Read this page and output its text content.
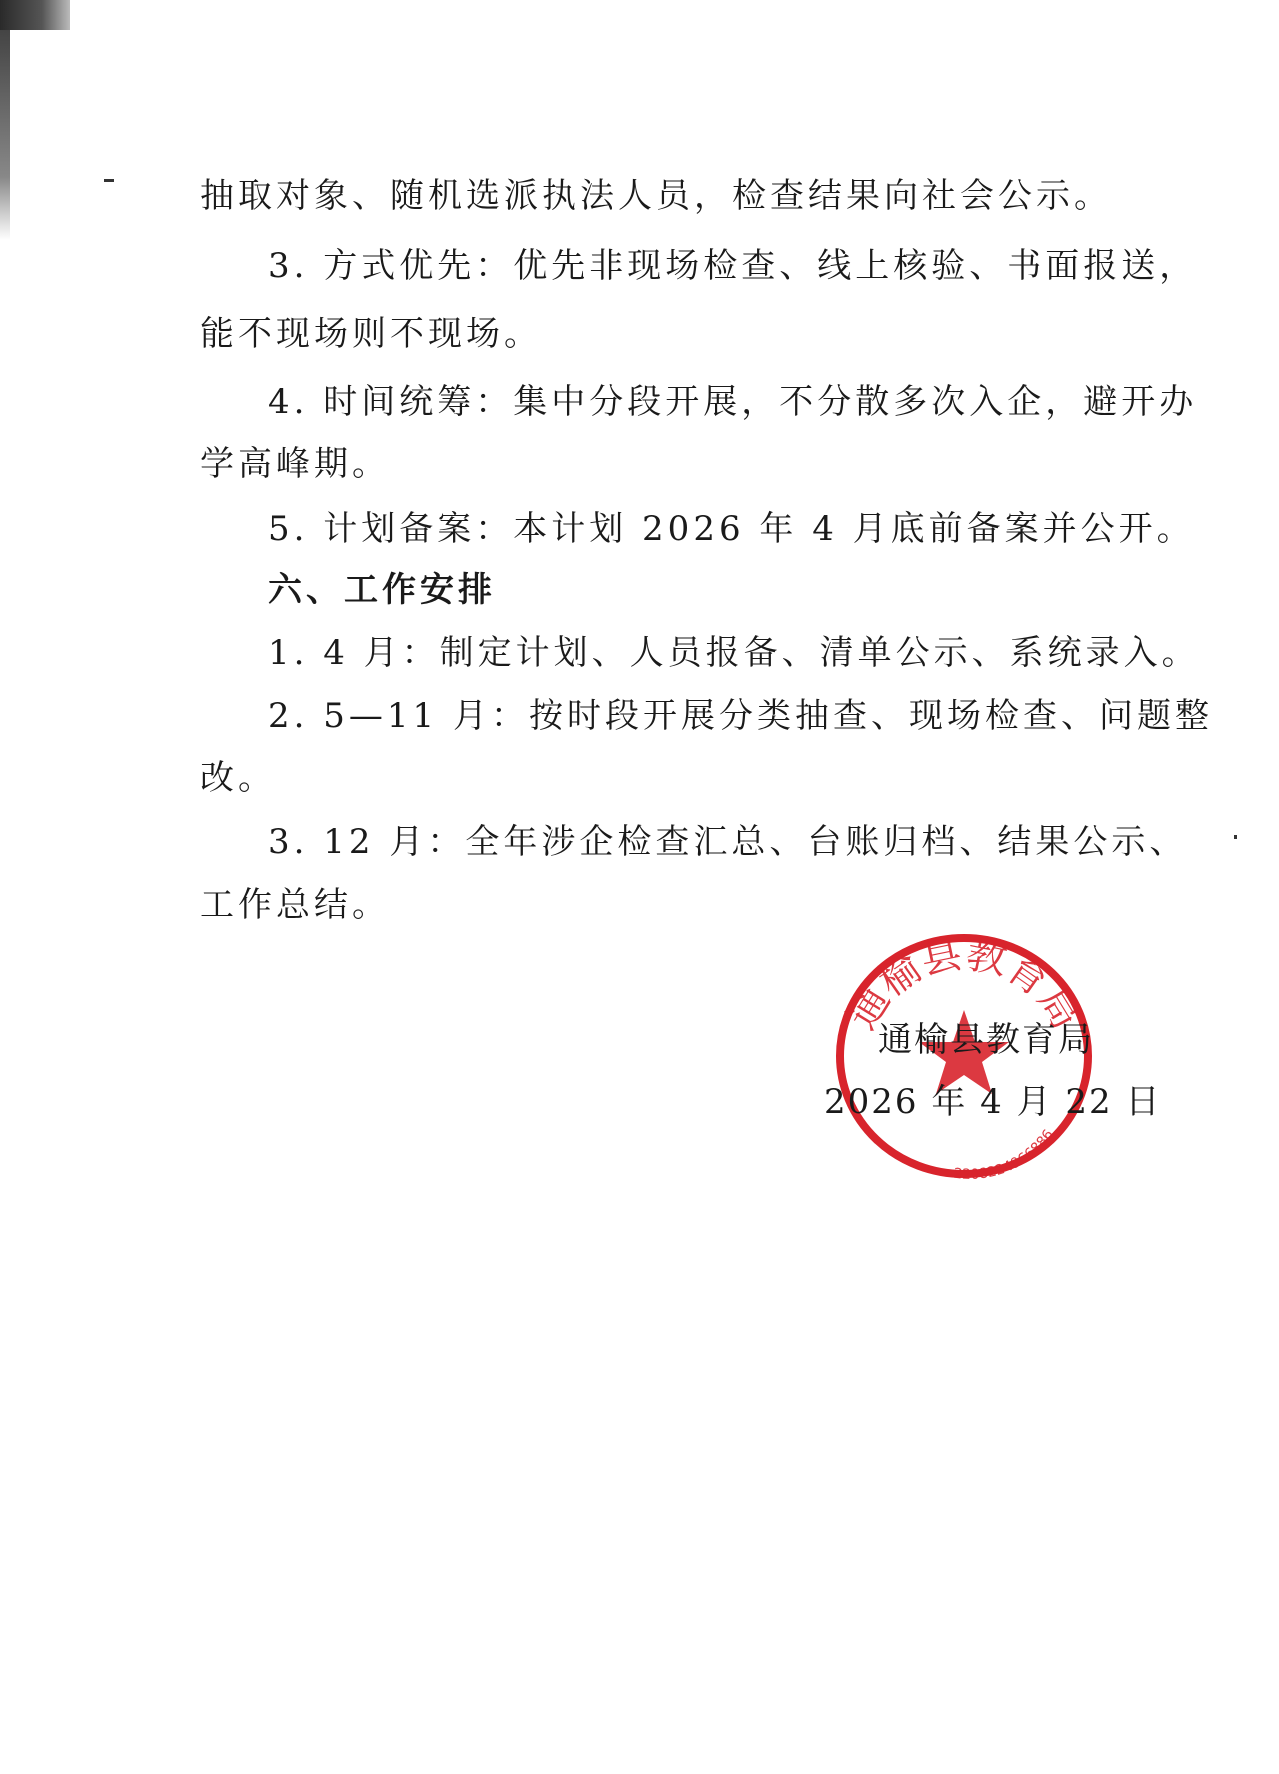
抽取对象、随机选派执法人员，检查结果向社会公示。
3. 方式优先：优先非现场检查、线上核验、书面报送，
能不现场则不现场。
4. 时间统筹：集中分段开展，不分散多次入企，避开办
学高峰期。
5. 计划备案：本计划 2026 年 4 月底前备案并公开。
六、工作安排
1. 4 月：制定计划、人员报备、清单公示、系统录入。
2. 5—11 月：按时段开展分类抽查、现场检查、问题整
改。
3. 12 月：全年涉企检查汇总、台账归档、结果公示、
工作总结。
通榆县教育局
2208224966886
通榆县教育局
2026 年 4 月 22 日
